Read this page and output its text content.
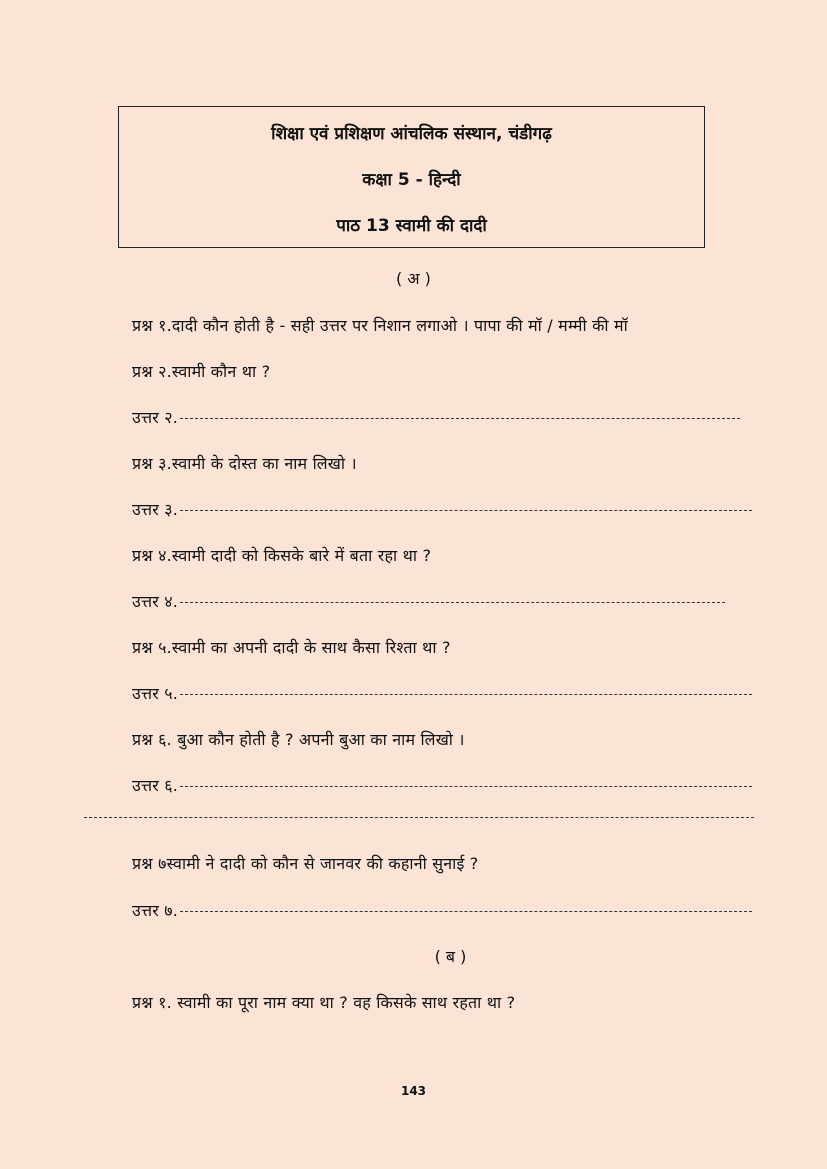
शिक्षा एवं प्रशिक्षण आंचलिक संस्थान, चंडीगढ़
कक्षा 5 - हिन्दी
पाठ 13 स्वामी की दादी
( अ )
प्रश्न १.दादी कौन होती है - सही उत्तर पर निशान लगाओ । पापा की मॉ / मम्मी की मॉ
प्रश्न २.स्वामी कौन था ?
उत्तर २.
प्रश्न ३.स्वामी के दोस्त का नाम लिखो ।
उत्तर ३.
प्रश्न ४.स्वामी दादी को किसके बारे में बता रहा था ?
उत्तर ४.
प्रश्न ५.स्वामी का अपनी दादी के साथ कैसा रिश्ता था ?
उत्तर ५.
प्रश्न ६. बुआ कौन होती है ? अपनी बुआ का नाम लिखो ।
उत्तर ६.
प्रश्न ७स्वामी ने दादी को कौन से जानवर की कहानी सुनाई ?
उत्तर ७.
( ब )
प्रश्न १. स्वामी का पूरा नाम क्या था ? वह किसके साथ रहता था ?
143
